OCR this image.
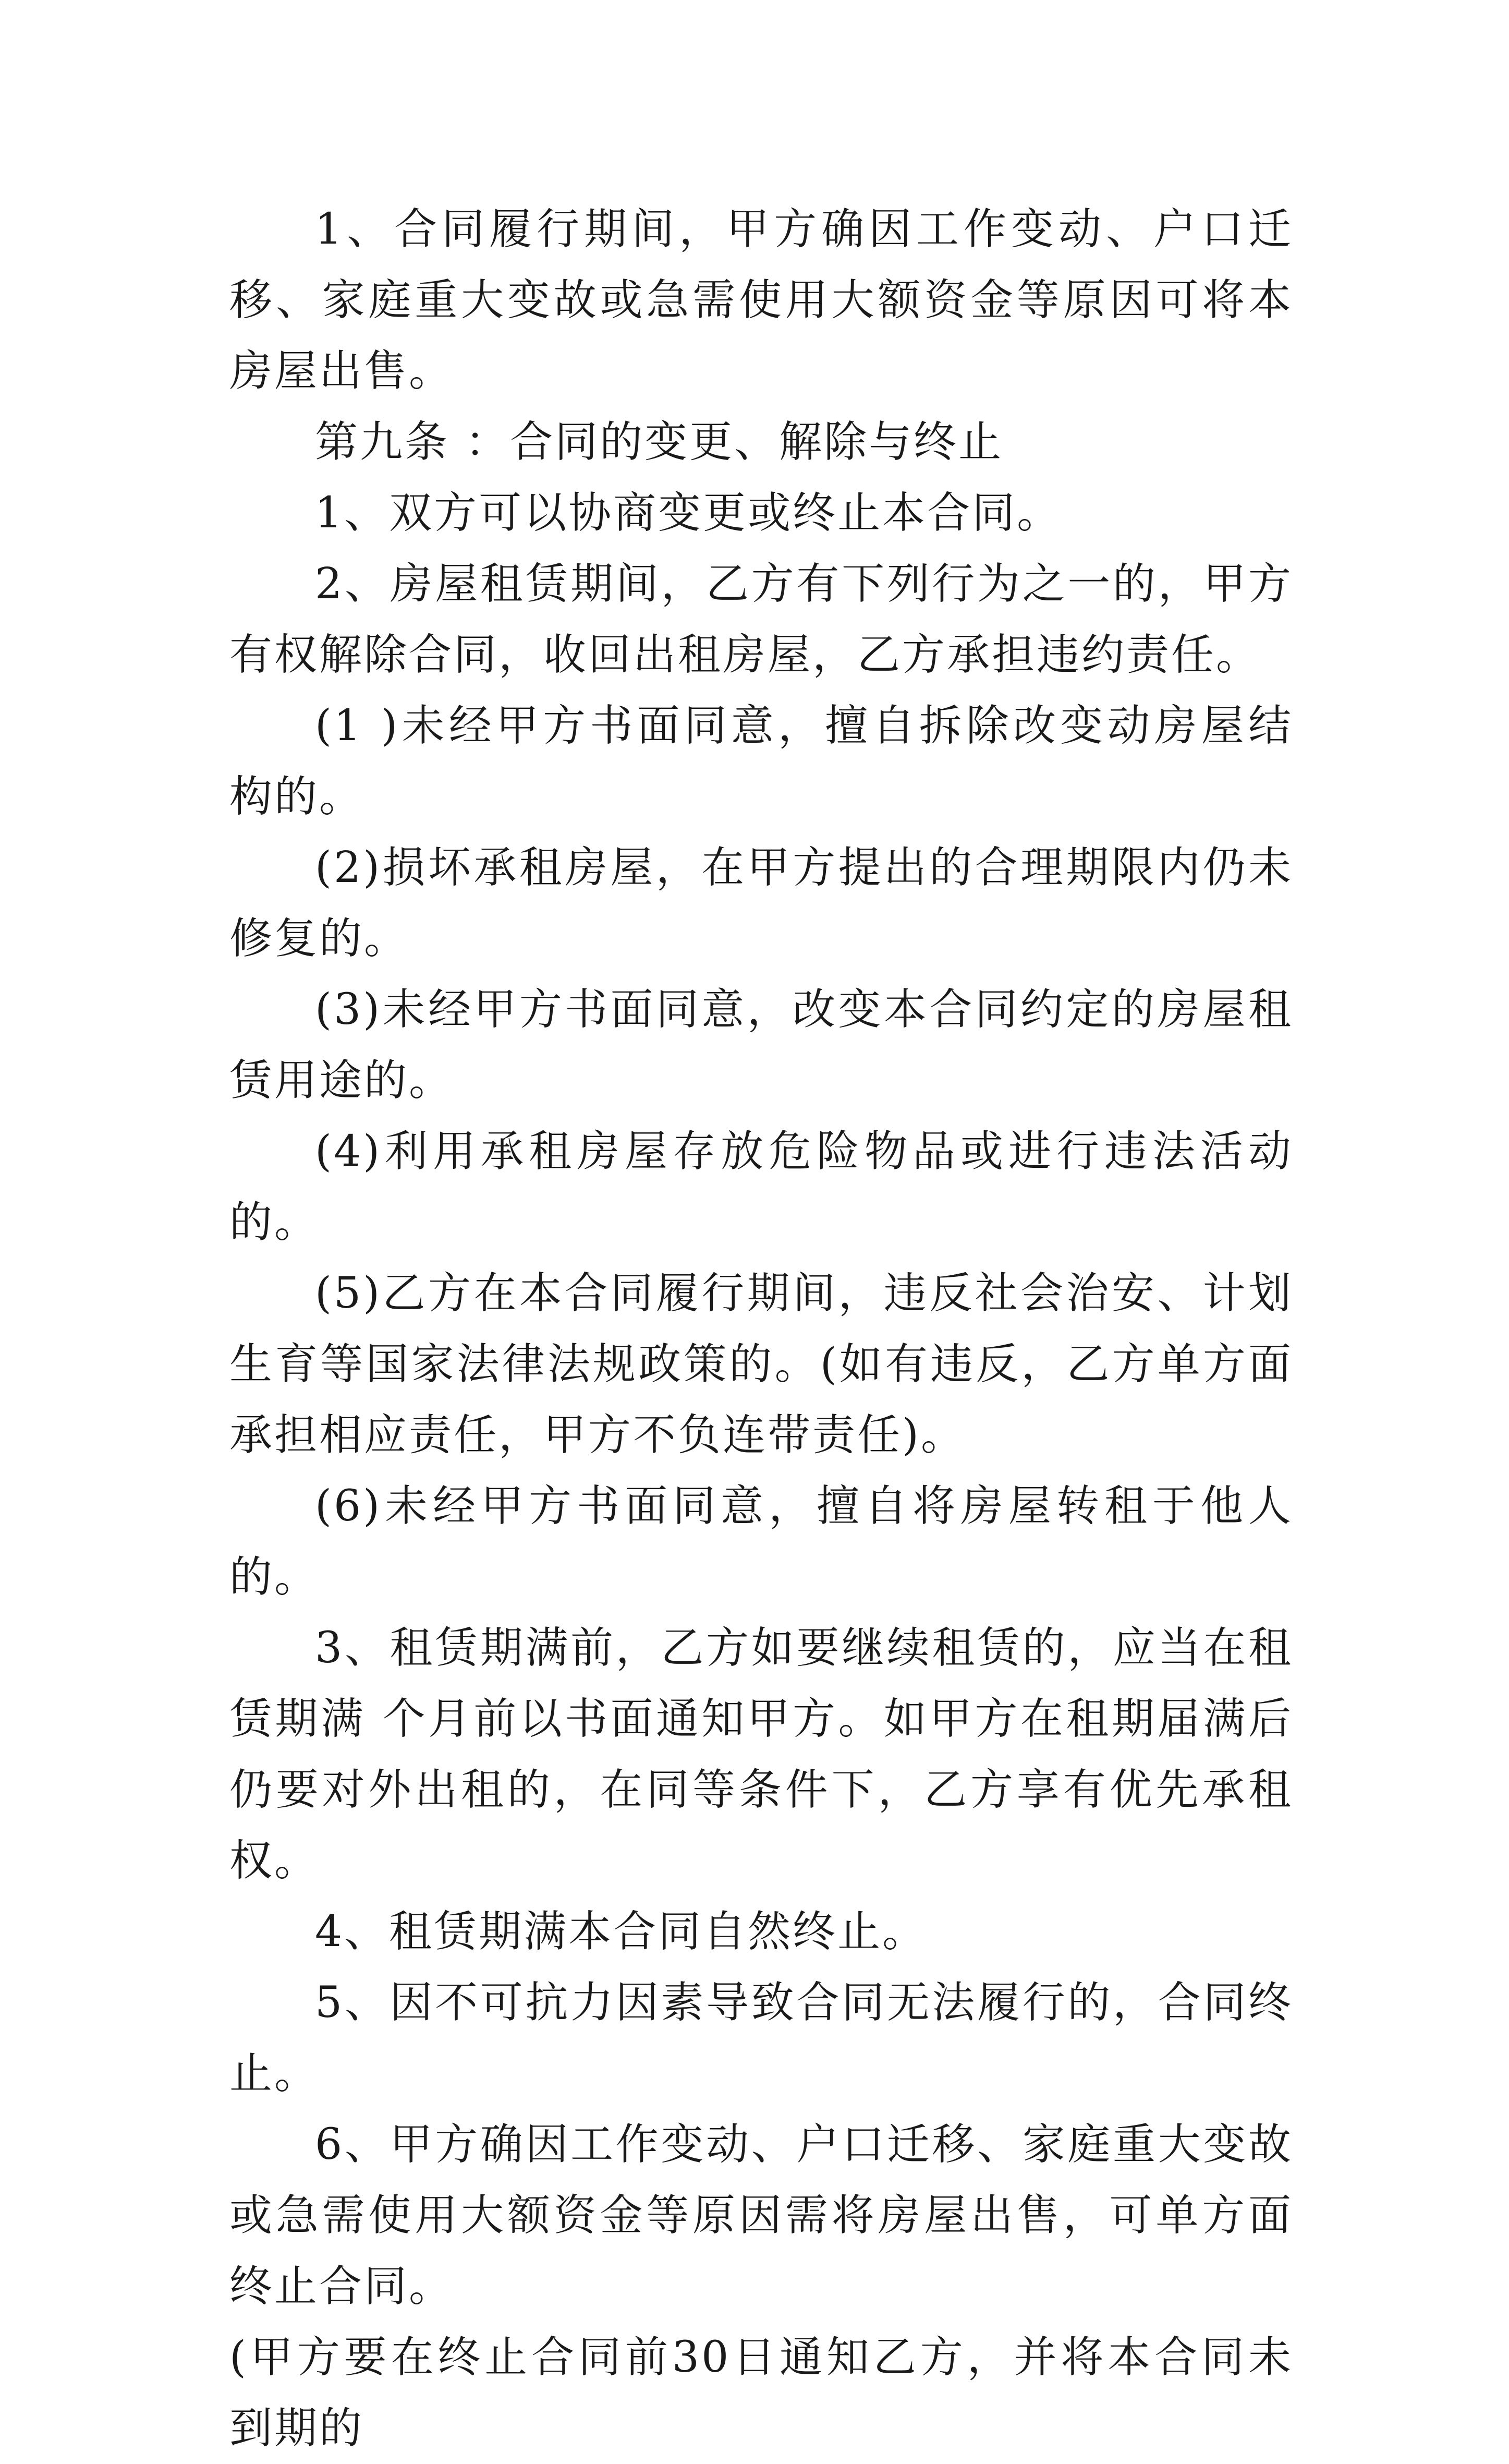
1、合同履行期间，甲方确因工作变动、户口迁移、家庭重大变故或急需使用大额资金等原因可将本房屋出售。

第九条 ：合同的变更、解除与终止

1、双方可以协商变更或终止本合同。

2、房屋租赁期间，乙方有下列行为之一的，甲方有权解除合同，收回出租房屋，乙方承担违约责任。

(1 )未经甲方书面同意，擅自拆除改变动房屋结构的。

(2)损坏承租房屋，在甲方提出的合理期限内仍未修复的。

(3)未经甲方书面同意，改变本合同约定的房屋租赁用途的。

(4)利用承租房屋存放危险物品或进行违法活动的。

(5)乙方在本合同履行期间，违反社会治安、计划生育等国家法律法规政策的。(如有违反，乙方单方面承担相应责任，甲方不负连带责任)。

(6)未经甲方书面同意，擅自将房屋转租于他人的。

3、租赁期满前，乙方如要继续租赁的，应当在租赁期满 个月前以书面通知甲方。如甲方在租期届满后仍要对外出租的，在同等条件下，乙方享有优先承租权。

4、租赁期满本合同自然终止。

5、因不可抗力因素导致合同无法履行的，合同终止。

6、甲方确因工作变动、户口迁移、家庭重大变故或急需使用大额资金等原因需将房屋出售，可单方面终止合同。

(甲方要在终止合同前30日通知乙方，并将本合同未到期的
